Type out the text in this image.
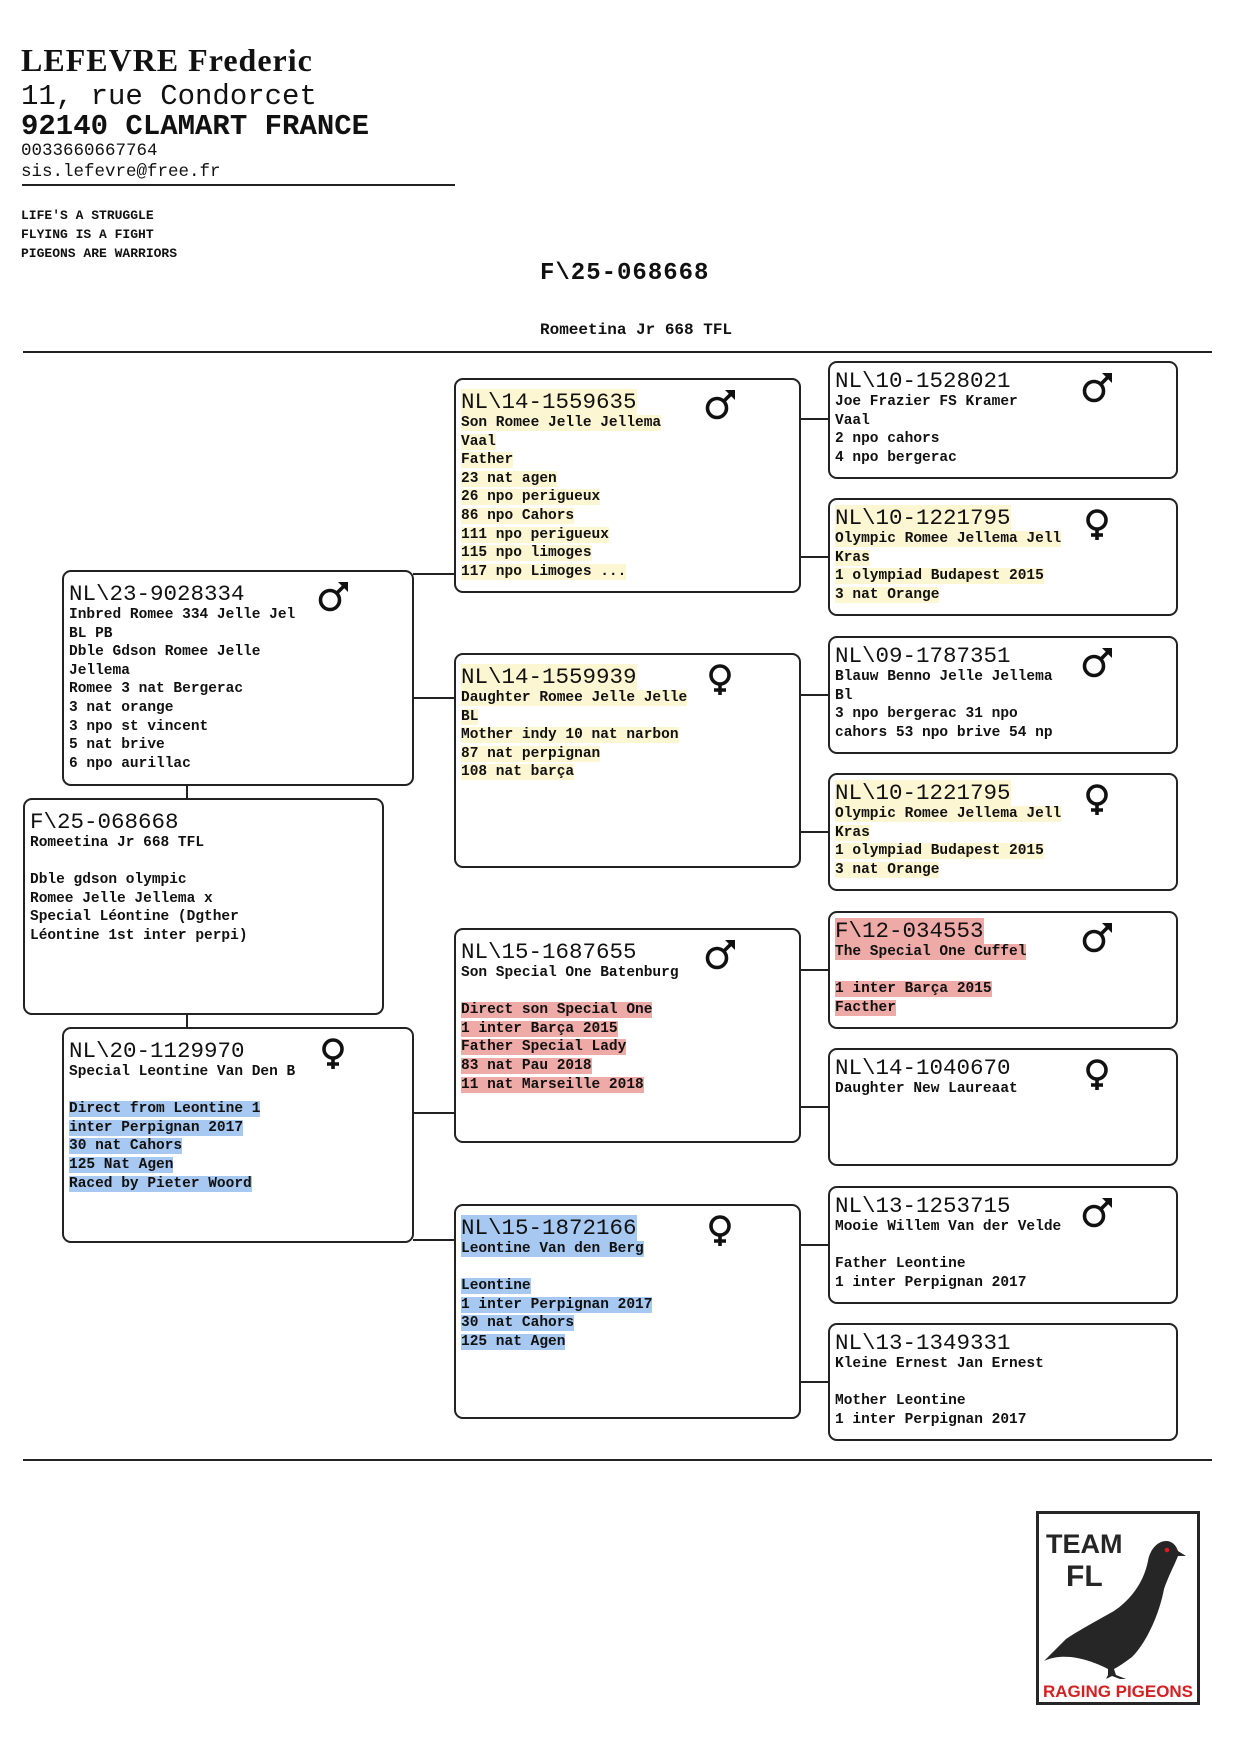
LEFEVRE Frederic
11, rue Condorcet
92140 CLAMART FRANCE
0033660667764
sis.lefevre@free.fr
LIFE'S A STRUGGLE
FLYING IS A FIGHT
PIGEONS ARE WARRIORS
F\25-068668
Romeetina Jr 668 TFL
F\25-068668
Romeetina Jr 668 TFL
Dble gdson olympic
Romee Jelle Jellema x
Special Léontine (Dgther
Léontine 1st inter perpi)
NL\23-9028334
Inbred Romee 334 Jelle Jel
BL PB
Dble Gdson Romee Jelle
Jellema
Romee 3 nat Bergerac
3 nat orange
3 npo st vincent
5 nat brive
6 npo aurillac
NL\20-1129970
Special Leontine Van Den B
Direct from Leontine 1
inter Perpignan 2017
30 nat Cahors
125 Nat Agen
Raced by Pieter Woord
NL\14-1559635
Son Romee Jelle Jellema
Vaal
Father
23 nat agen
26 npo perigueux
86 npo Cahors
111 npo perigueux
115 npo limoges
117 npo Limoges ...
NL\14-1559939
Daughter Romee Jelle Jelle
BL
Mother indy 10 nat narbon
87 nat perpignan
108 nat barça
NL\15-1687655
Son Special One Batenburg
Direct son Special One
1 inter Barça 2015
Father Special Lady
83 nat Pau 2018
11 nat Marseille 2018
NL\15-1872166
Leontine Van den Berg
Leontine
1 inter Perpignan 2017
30 nat Cahors
125 nat Agen
NL\10-1528021
Joe Frazier FS Kramer
Vaal
2 npo cahors
4 npo bergerac
NL\10-1221795
Olympic Romee Jellema Jell
Kras
1 olympiad Budapest 2015
3 nat Orange
NL\09-1787351
Blauw Benno Jelle Jellema
Bl
3 npo bergerac 31 npo
cahors 53 npo brive 54 np
NL\10-1221795
Olympic Romee Jellema Jell
Kras
1 olympiad Budapest 2015
3 nat Orange
F\12-034553
The Special One Cuffel
1 inter Barça 2015
Facther
NL\14-1040670
Daughter New Laureaat
NL\13-1253715
Mooie Willem Van der Velde
Father Leontine
1 inter Perpignan 2017
NL\13-1349331
Kleine Ernest Jan Ernest
Mother Leontine
1 inter Perpignan 2017
TEAM
FL
RAGING PIGEONS
